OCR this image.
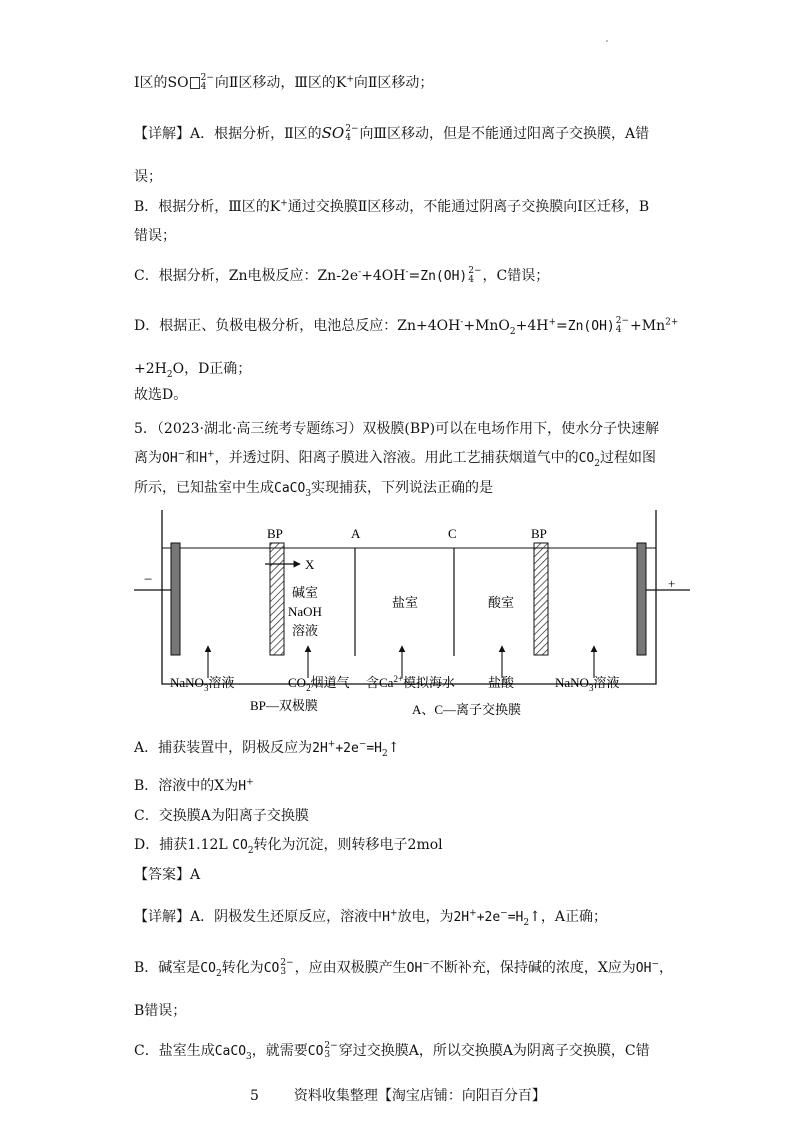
Ⅰ区的SO 2−
4 向Ⅱ区移动，Ⅲ区的K+向Ⅱ区移动；
【详解】A．根据分析，Ⅱ区的SO 2−
4 向Ⅲ区移动，但是不能通过阳离子交换膜，A错
误；
B．根据分析，Ⅲ区的K+通过交换膜Ⅱ区移动，不能通过阴离子交换膜向Ⅰ区迁移，B
错误；
C．根据分析，Zn电极反应：Zn-2e-+4OH-=Zn(OH) 2−
4 ，C错误；
D．根据正、负极电极分析，电池总反应：Zn+4OH-+MnO$_2$+4H+=Zn(OH) 2−
$4 +Mn^{2+}$
$+2H_2O$，D正确；
故选D。
5．（2023·湖北·高三统考专题练习）双极膜(BP)可以在电场作用下，使水分子快速解
离为OH−和H+，并透过阴、阳离子膜进入溶液。用此工艺捕获烟道气中的$CO_2$过程如图
所示，已知盐室中生成CaCO$_3$实现捕获，下列说法正确的是
−	+
BP	BP
A	C
X
碱室
NaOH
溶液
盐室	酸室
NaNO$_3$溶液	$CO_2$烟道气 含$Ca^{2+}$模拟海水	盐酸	NaNO$_3$溶液
BP—双极膜	A、C—离子交换膜
A．捕获装置中，阴极反应为$2H^++2e^-=H_2↑$
B．溶液中的X为H+
C．交换膜A为阳离子交换膜
D．捕获1.12L $CO_2$转化为沉淀，则转移电子2mol
【答案】A
【详解】A．阴极发生还原反应，溶液中H+放电，为$2H^++2e^-=H_2↑$，A正确；
B．碱室是$CO_2$转化为CO 2−
3 ，应由双极膜产生OH−不断补充，保持碱的浓度，X应为OH−，
B错误；
C．盐室生成CaCO$_3$，就需要CO 2−
3 穿过交换膜A，所以交换膜A为阴离子交换膜，C错
5 资料收集整理【淘宝店铺：向阳百分百】
